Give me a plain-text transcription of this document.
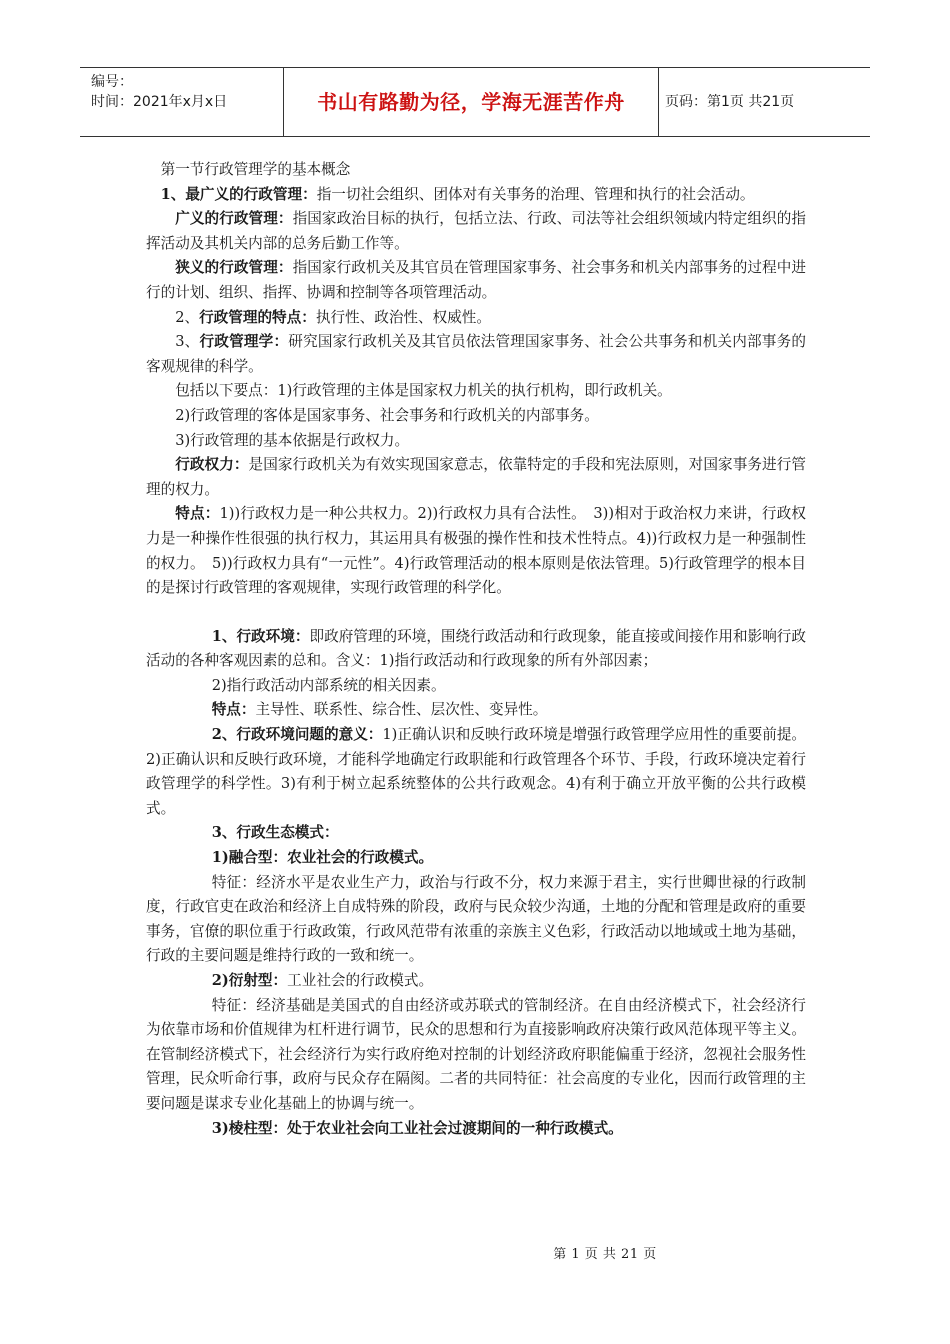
编号：
时间：2021年x月x日	书山有路勤为径，学海无涯苦作舟	页码：第1页 共21页

第一节行政管理学的基本概念

1、最广义的行政管理：指一切社会组织、团体对有关事务的治理、管理和执行的社会活动。

广义的行政管理：指国家政治目标的执行，包括立法、行政、司法等社会组织领域内特定组织的指挥活动及其机关内部的总务后勤工作等。

狭义的行政管理：指国家行政机关及其官员在管理国家事务、社会事务和机关内部事务的过程中进行的计划、组织、指挥、协调和控制等各项管理活动。

2、行政管理的特点：执行性、政治性、权威性。

3、行政管理学：研究国家行政机关及其官员依法管理国家事务、社会公共事务和机关内部事务的客观规律的科学。

包括以下要点：1)行政管理的主体是国家权力机关的执行机构，即行政机关。

2)行政管理的客体是国家事务、社会事务和行政机关的内部事务。

3)行政管理的基本依据是行政权力。

行政权力：是国家行政机关为有效实现国家意志，依靠特定的手段和宪法原则，对国家事务进行管理的权力。

特点：1))行政权力是一种公共权力。2))行政权力具有合法性。　3))相对于政治权力来讲，行政权力是一种操作性很强的执行权力，其运用具有极强的操作性和技术性特点。4))行政权力是一种强制性的权力。　5))行政权力具有“一元性”。4)行政管理活动的根本原则是依法管理。5)行政管理学的根本目的是探讨行政管理的客观规律，实现行政管理的科学化。

1、行政环境：即政府管理的环境，围绕行政活动和行政现象，能直接或间接作用和影响行政活动的各种客观因素的总和。含义：1)指行政活动和行政现象的所有外部因素；

2)指行政活动内部系统的相关因素。

特点：主导性、联系性、综合性、层次性、变异性。

2、行政环境问题的意义：1)正确认识和反映行政环境是增强行政管理学应用性的重要前提。2)正确认识和反映行政环境，才能科学地确定行政职能和行政管理各个环节、手段，行政环境决定着行政管理学的科学性。3)有利于树立起系统整体的公共行政观念。4)有利于确立开放平衡的公共行政模式。

3、行政生态模式：

1)融合型：农业社会的行政模式。

特征：经济水平是农业生产力，政治与行政不分，权力来源于君主，实行世卿世禄的行政制度，行政官吏在政治和经济上自成特殊的阶段，政府与民众较少沟通，土地的分配和管理是政府的重要事务，官僚的职位重于行政政策，行政风范带有浓重的亲族主义色彩，行政活动以地域或土地为基础，行政的主要问题是维持行政的一致和统一。

2)衍射型：工业社会的行政模式。

特征：经济基础是美国式的自由经济或苏联式的管制经济。在自由经济模式下，社会经济行为依靠市场和价值规律为杠杆进行调节，民众的思想和行为直接影响政府决策行政风范体现平等主义。在管制经济模式下，社会经济行为实行政府绝对控制的计划经济政府职能偏重于经济，忽视社会服务性管理，民众听命行事，政府与民众存在隔阂。二者的共同特征：社会高度的专业化，因而行政管理的主要问题是谋求专业化基础上的协调与统一。

3)棱柱型：处于农业社会向工业社会过渡期间的一种行政模式。

第 1 页 共 21 页
